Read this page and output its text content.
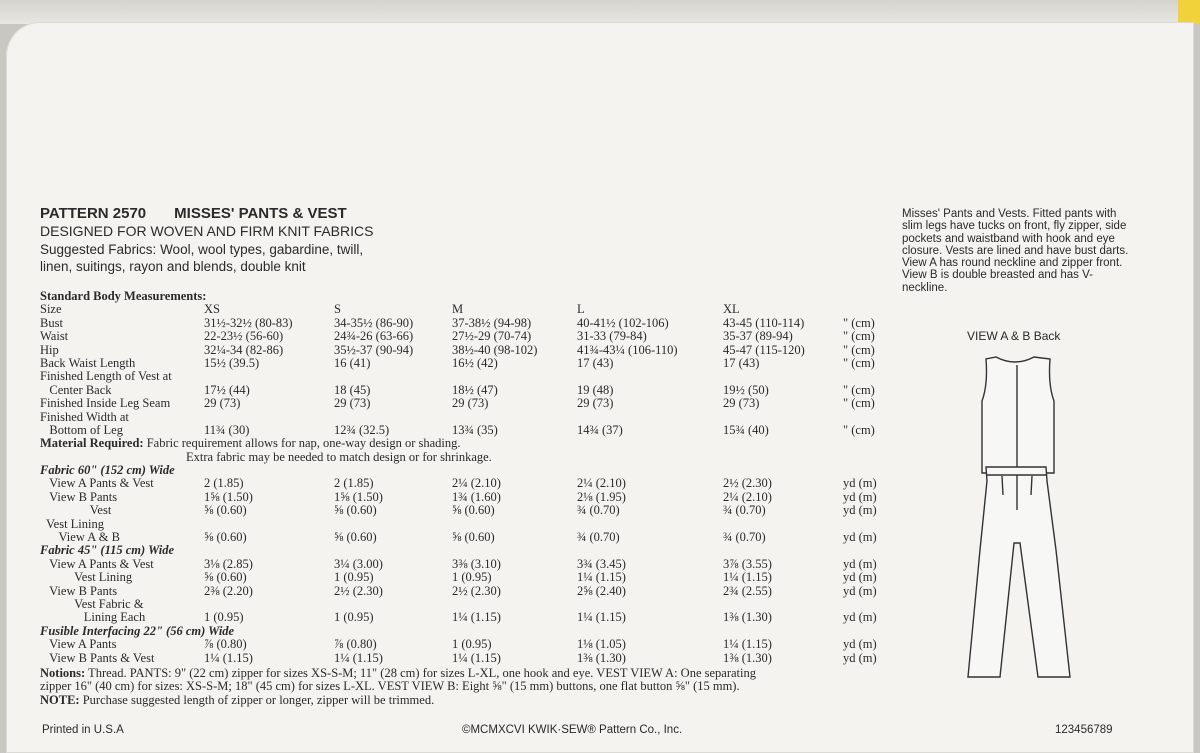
PATTERN 2570 MISSES' PANTS & VEST
DESIGNED FOR WOVEN AND FIRM KNIT FABRICS
Suggested Fabrics: Wool, wool types, gabardine, twill,
linen, suitings, rayon and blends, double knit
Standard Body Measurements:
Size	XS	S	M	L	XL
Bust	31½-32½ (80-83)	34-35½ (86-90)	37-38½ (94-98)	40-41½ (102-106)	43-45 (110-114)	" (cm)
Waist	22-23½ (56-60)	24¾-26 (63-66)	27½-29 (70-74)	31-33 (79-84)	35-37 (89-94)	" (cm)
Hip	32¼-34 (82-86)	35½-37 (90-94)	38½-40 (98-102)	41¾-43¼ (106-110)	45-47 (115-120)	" (cm)
Back Waist Length	15½ (39.5)	16 (41)	16½ (42)	17 (43)	17 (43)	" (cm)
Finished Length of Vest at
Center Back	17½ (44)	18 (45)	18½ (47)	19 (48)	19½ (50)	" (cm)
Finished Inside Leg Seam	29 (73)	29 (73)	29 (73)	29 (73)	29 (73)	" (cm)
Finished Width at
Bottom of Leg	11¾ (30)	12¾ (32.5)	13¾ (35)	14¾ (37)	15¾ (40)	" (cm)
Material Required: Fabric requirement allows for nap, one-way design or shading.
Extra fabric may be needed to match design or for shrinkage.
Fabric 60" (152 cm) Wide
View A Pants & Vest	2 (1.85)	2 (1.85)	2¼ (2.10)	2¼ (2.10)	2½ (2.30)	yd (m)
View B Pants	1⅝ (1.50)	1⅝ (1.50)	1¾ (1.60)	2⅛ (1.95)	2¼ (2.10)	yd (m)
Vest	⅝ (0.60)	⅝ (0.60)	⅝ (0.60)	¾ (0.70)	¾ (0.70)	yd (m)
Vest Lining
View A & B	⅝ (0.60)	⅝ (0.60)	⅝ (0.60)	¾ (0.70)	¾ (0.70)	yd (m)
Fabric 45" (115 cm) Wide
View A Pants & Vest	3⅛ (2.85)	3¼ (3.00)	3⅜ (3.10)	3¾ (3.45)	3⅞ (3.55)	yd (m)
Vest Lining	⅝ (0.60)	1 (0.95)	1 (0.95)	1¼ (1.15)	1¼ (1.15)	yd (m)
View B Pants	2⅜ (2.20)	2½ (2.30)	2½ (2.30)	2⅝ (2.40)	2¾ (2.55)	yd (m)
Vest Fabric &
Lining Each	1 (0.95)	1 (0.95)	1¼ (1.15)	1¼ (1.15)	1⅜ (1.30)	yd (m)
Fusible Interfacing 22" (56 cm) Wide
View A Pants	⅞ (0.80)	⅞ (0.80)	1 (0.95)	1⅛ (1.05)	1¼ (1.15)	yd (m)
View B Pants & Vest	1¼ (1.15)	1¼ (1.15)	1¼ (1.15)	1⅜ (1.30)	1⅜ (1.30)	yd (m)
Notions: Thread. PANTS: 9" (22 cm) zipper for sizes XS-S-M; 11" (28 cm) for sizes L-XL, one hook and eye. VEST VIEW A: One separating
zipper 16" (40 cm) for sizes: XS-S-M; 18" (45 cm) for sizes L-XL. VEST VIEW B: Eight ⅝" (15 mm) buttons, one flat button ⅝" (15 mm).
NOTE: Purchase suggested length of zipper or longer, zipper will be trimmed.
Misses' Pants and Vests. Fitted pants with slim legs have tucks on front, fly zipper, side pockets and waistband with hook and eye closure. Vests are lined and have bust darts. View A has round neckline and zipper front. View B is double breasted and has V-neckline.
VIEW A & B Back
Printed in U.S.A	©MCMXCVI KWIK·SEW® Pattern Co., Inc.	123456789
